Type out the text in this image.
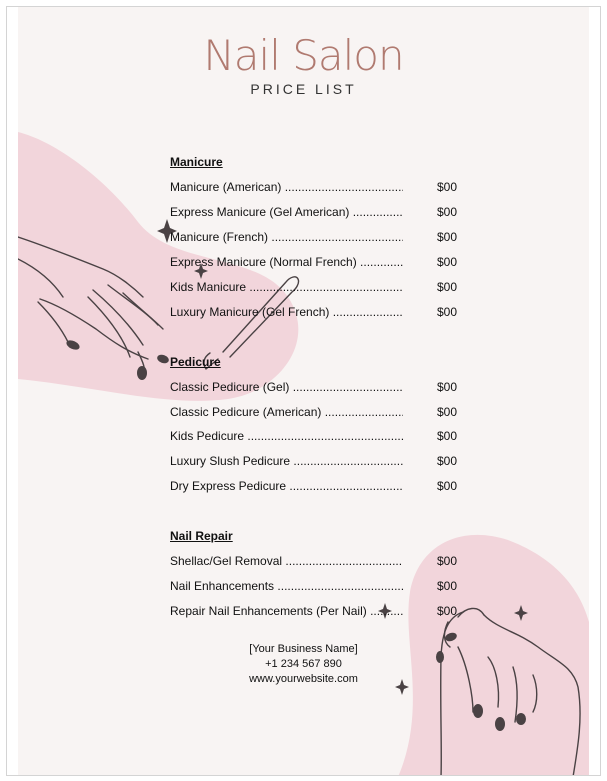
Nail Salon
PRICE LIST
Manicure
Manicure (American) .....	$00
Express Manicure (Gel American) .....	$00
Manicure (French) .....	$00
Express Manicure (Normal French) .....	$00
Kids Manicure .....	$00
Luxury Manicure (Gel French) .....	$00
Pedicure
Classic Pedicure (Gel) .....	$00
Classic Pedicure (American) .....	$00
Kids Pedicure .....	$00
Luxury Slush Pedicure .....	$00
Dry Express Pedicure .....	$00
Nail Repair
Shellac/Gel Removal .....	$00
Nail Enhancements .....	$00
Repair Nail Enhancements (Per Nail) .....	$00
[Your Business Name]
+1 234 567 890
www.yourwebsite.com
